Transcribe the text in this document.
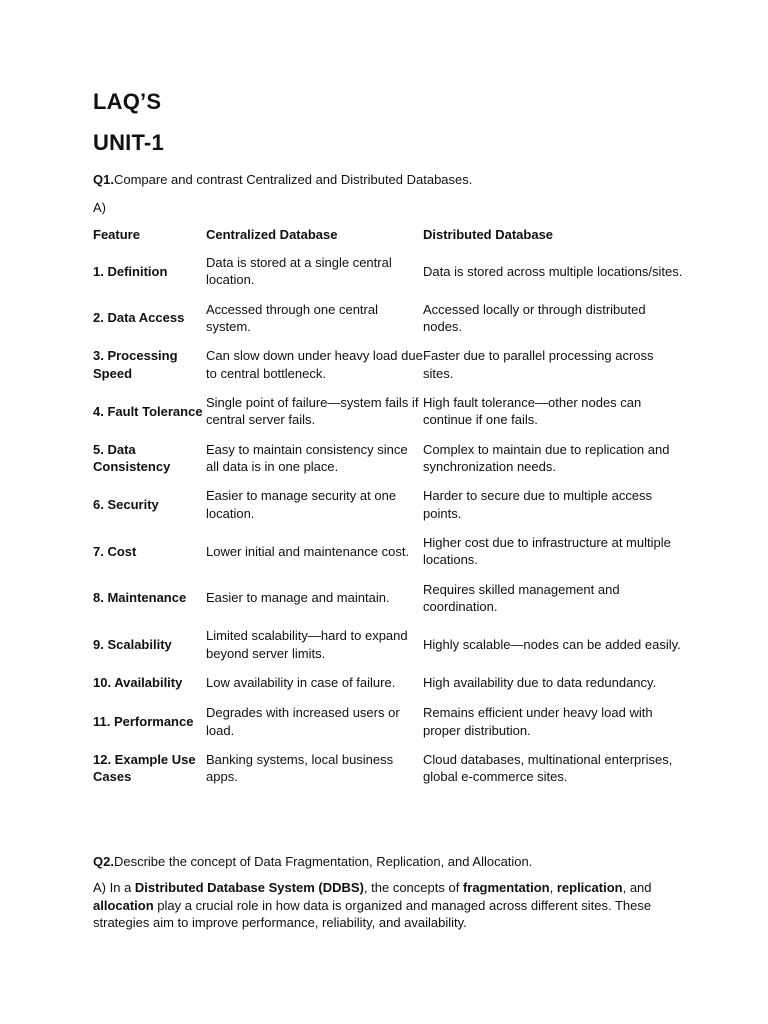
LAQ’S
UNIT-1
Q1.Compare and contrast Centralized and Distributed Databases.
A)
Feature	Centralized Database	Distributed Database
1. Definition	Data is stored at a single central location.	Data is stored across multiple locations/sites.
2. Data Access	Accessed through one central system.	Accessed locally or through distributed nodes.
3. Processing Speed	Can slow down under heavy load due to central bottleneck.	Faster due to parallel processing across sites.
4. Fault Tolerance	Single point of failure—system fails if central server fails.	High fault tolerance—other nodes can continue if one fails.
5. Data Consistency	Easy to maintain consistency since all data is in one place.	Complex to maintain due to replication and synchronization needs.
6. Security	Easier to manage security at one location.	Harder to secure due to multiple access points.
7. Cost	Lower initial and maintenance cost.	Higher cost due to infrastructure at multiple locations.
8. Maintenance	Easier to manage and maintain.	Requires skilled management and coordination.
9. Scalability	Limited scalability—hard to expand beyond server limits.	Highly scalable—nodes can be added easily.
10. Availability	Low availability in case of failure.	High availability due to data redundancy.
11. Performance	Degrades with increased users or load.	Remains efficient under heavy load with proper distribution.
12. Example Use Cases	Banking systems, local business apps.	Cloud databases, multinational enterprises, global e-commerce sites.
Q2.Describe the concept of Data Fragmentation, Replication, and Allocation.
A) In a Distributed Database System (DDBS), the concepts of fragmentation, replication, and allocation play a crucial role in how data is organized and managed across different sites. These strategies aim to improve performance, reliability, and availability.
